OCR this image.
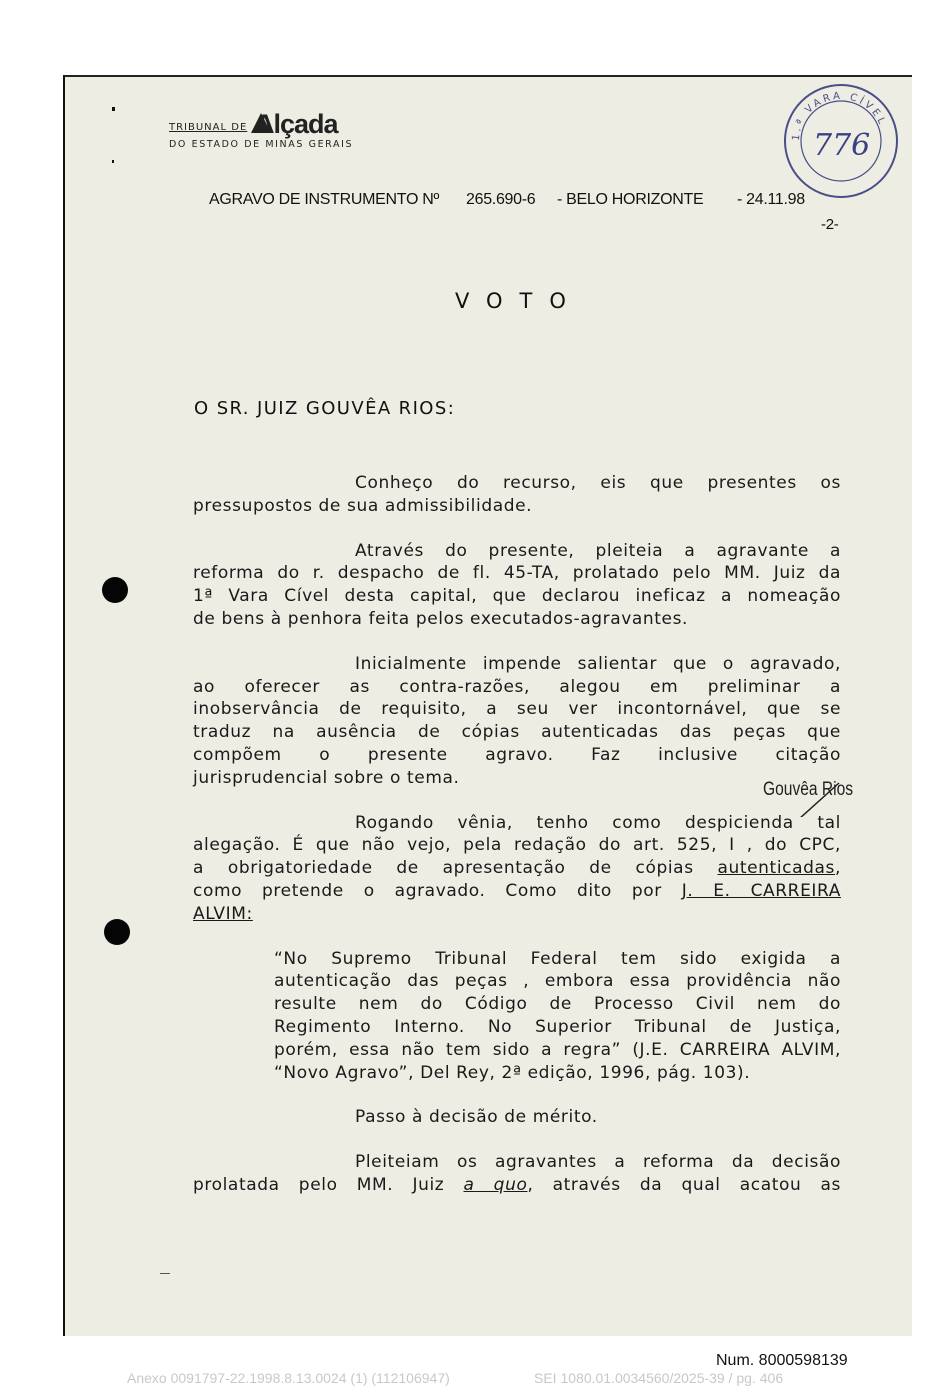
TRIBUNAL DE Alçada
DO ESTADO DE MINAS GERAIS
1.ª VARA CÍVEL
776
AGRAVO DE INSTRUMENTO Nº 265.690-6 - BELO HORIZONTE - 24.11.98
-2-
VOTO
O SR. JUIZ GOUVÊA RIOS:
Conheço do recurso, eis que presentes os
pressupostos de sua admissibilidade.
Através do presente, pleiteia a agravante a
reforma do r. despacho de fl. 45-TA, prolatado pelo MM. Juiz da
1ª Vara Cível desta capital, que declarou ineficaz a nomeação
de bens à penhora feita pelos executados-agravantes.
Inicialmente impende salientar que o agravado,
ao oferecer as contra-razões, alegou em preliminar a
inobservância de requisito, a seu ver incontornável, que se
traduz na ausência de cópias autenticadas das peças que
compõem o presente agravo. Faz inclusive citação
jurisprudencial sobre o tema.
Rogando vênia, tenho como despicienda tal
alegação. É que não vejo, pela redação do art. 525, I , do CPC,
a obrigatoriedade de apresentação de cópias autenticadas,
como pretende o agravado. Como dito por J. E. CARREIRA
ALVIM:
“No Supremo Tribunal Federal tem sido exigida a
autenticação das peças , embora essa providência não
resulte nem do Código de Processo Civil nem do
Regimento Interno. No Superior Tribunal de Justiça,
porém, essa não tem sido a regra” (J.E. CARREIRA ALVIM,
“Novo Agravo”, Del Rey, 2ª edição, 1996, pág. 103).
Passo à decisão de mérito.
Pleiteiam os agravantes a reforma da decisão
prolatada pelo MM. Juiz a quo, através da qual acatou as
Gouvêa Rios
Num. 8000598139
Anexo 0091797-22.1998.8.13.0024 (1) (112106947)	SEI 1080.01.0034560/2025-39 / pg. 406
